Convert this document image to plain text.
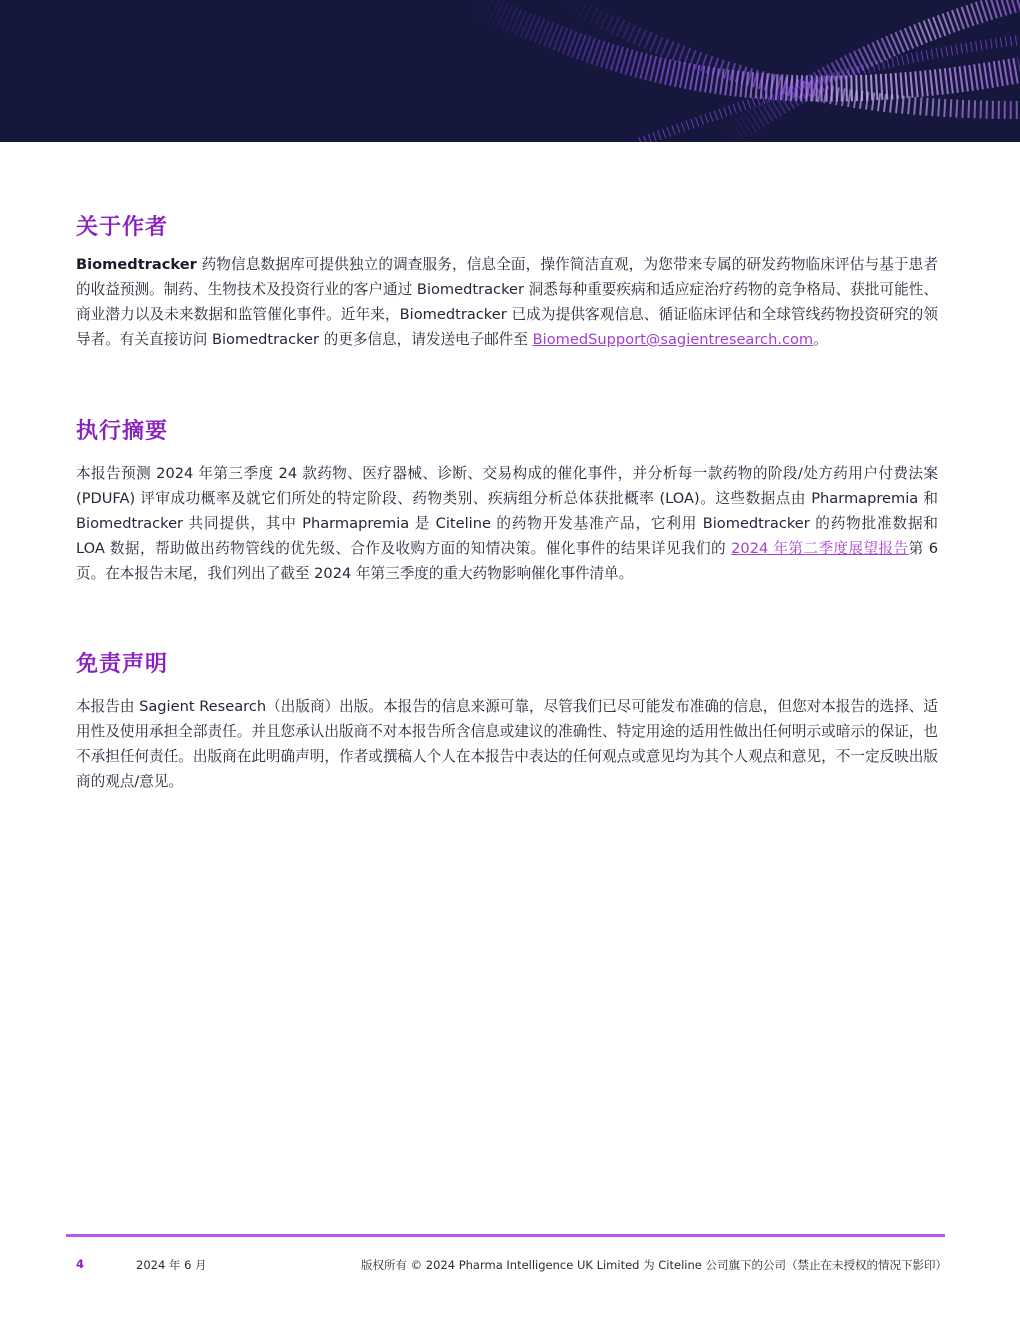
关于作者

Biomedtracker 药物信息数据库可提供独立的调查服务，信息全面，操作简洁直观，为您带来专属的研发药物临床评估与基于患者的收益预测。制药、生物技术及投资行业的客户通过 Biomedtracker 洞悉每种重要疾病和适应症治疗药物的竞争格局、获批可能性、商业潜力以及未来数据和监管催化事件。近年来，Biomedtracker 已成为提供客观信息、循证临床评估和全球管线药物投资研究的领导者。有关直接访问 Biomedtracker 的更多信息，请发送电子邮件至 BiomedSupport@sagientresearch.com。

执行摘要

本报告预测 2024 年第三季度 24 款药物、医疗器械、诊断、交易构成的催化事件，并分析每一款药物的阶段/处方药用户付费法案 (PDUFA) 评审成功概率及就它们所处的特定阶段、药物类别、疾病组分析总体获批概率 (LOA)。这些数据点由 Pharmapremia 和 Biomedtracker 共同提供，其中 Pharmapremia 是 Citeline 的药物开发基准产品，它利用 Biomedtracker 的药物批准数据和 LOA 数据，帮助做出药物管线的优先级、合作及收购方面的知情决策。催化事件的结果详见我们的 2024 年第二季度展望报告第 6 页。在本报告末尾，我们列出了截至 2024 年第三季度的重大药物影响催化事件清单。

免责声明

本报告由 Sagient Research（出版商）出版。本报告的信息来源可靠，尽管我们已尽可能发布准确的信息，但您对本报告的选择、适用性及使用承担全部责任。并且您承认出版商不对本报告所含信息或建议的准确性、特定用途的适用性做出任何明示或暗示的保证，也不承担任何责任。出版商在此明确声明，作者或撰稿人个人在本报告中表达的任何观点或意见均为其个人观点和意见，不一定反映出版商的观点/意见。

4	2024 年 6 月	版权所有 © 2024 Pharma Intelligence UK Limited 为 Citeline 公司旗下的公司（禁止在未授权的情况下影印）
